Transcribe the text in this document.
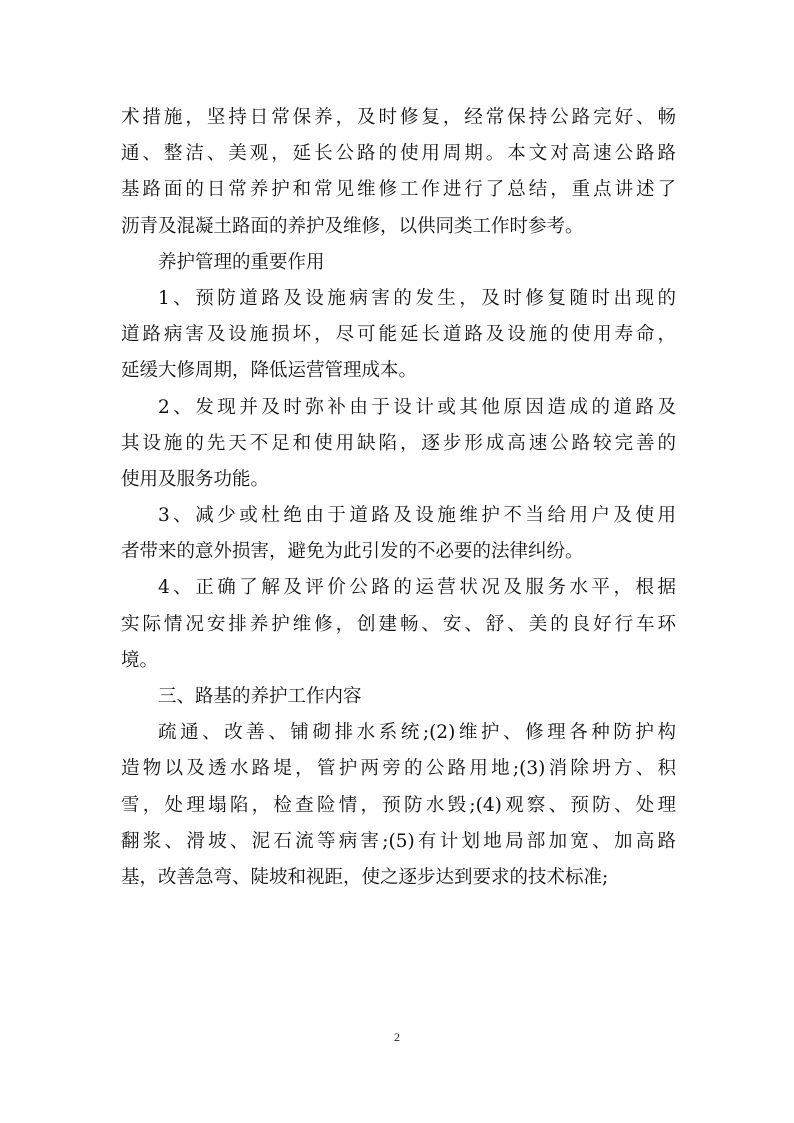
术措施，坚持日常保养，及时修复，经常保持公路完好、畅
通、整洁、美观，延长公路的使用周期。本文对高速公路路
基路面的日常养护和常见维修工作进行了总结，重点讲述了
沥青及混凝土路面的养护及维修，以供同类工作时参考。
养护管理的重要作用
1、预防道路及设施病害的发生，及时修复随时出现的
道路病害及设施损坏，尽可能延长道路及设施的使用寿命，
延缓大修周期，降低运营管理成本。
2、发现并及时弥补由于设计或其他原因造成的道路及
其设施的先天不足和使用缺陷，逐步形成高速公路较完善的
使用及服务功能。
3、减少或杜绝由于道路及设施维护不当给用户及使用
者带来的意外损害，避免为此引发的不必要的法律纠纷。
4、正确了解及评价公路的运营状况及服务水平，根据
实际情况安排养护维修，创建畅、安、舒、美的良好行车环
境。
三、路基的养护工作内容
疏通、改善、铺砌排水系统;(2)维护、修理各种防护构
造物以及透水路堤，管护两旁的公路用地;(3)消除坍方、积
雪，处理塌陷，检查险情，预防水毁;(4)观察、预防、处理
翻浆、滑坡、泥石流等病害;(5)有计划地局部加宽、加高路
基，改善急弯、陡坡和视距，使之逐步达到要求的技术标准;
2
